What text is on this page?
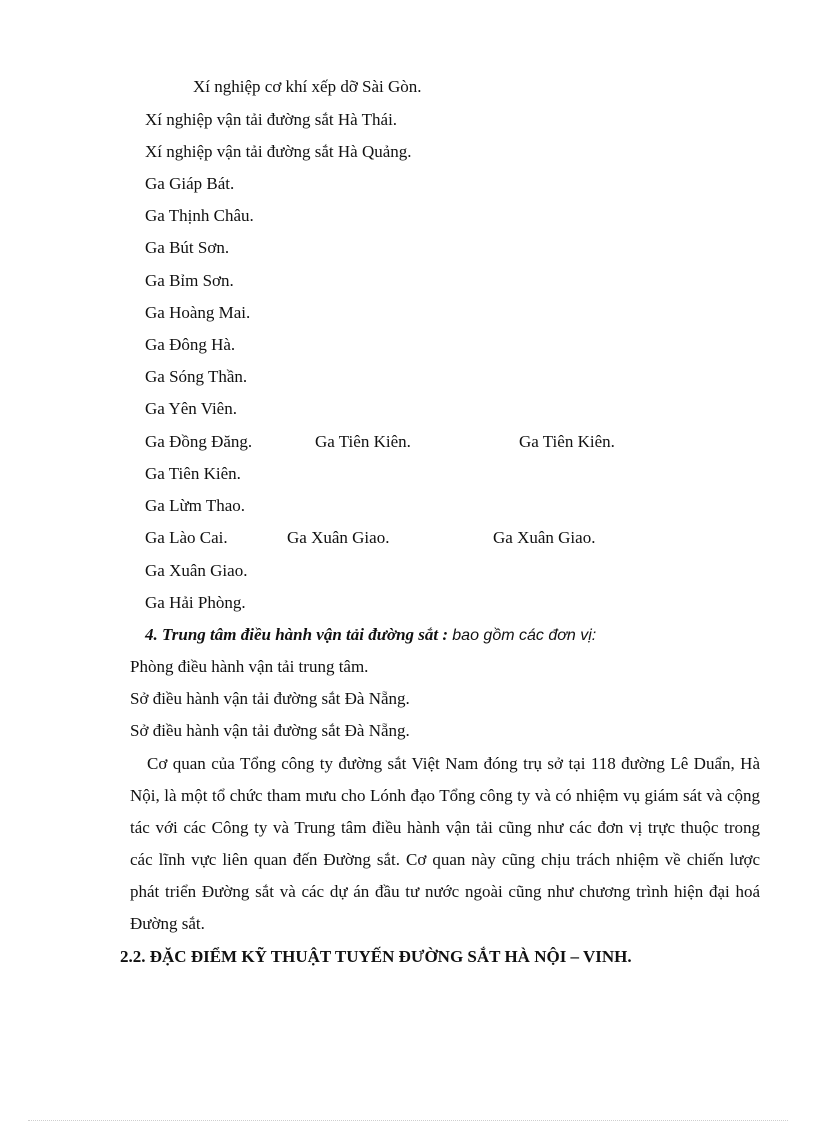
Xí nghiệp cơ khí xếp dỡ Sài Gòn.
Xí nghiệp vận tải đường sắt Hà Thái.
Xí nghiệp vận tải đường sắt Hà Quảng.
Ga Giáp Bát.
Ga Thịnh Châu.
Ga Bút Sơn.
Ga Bỉm Sơn.
Ga Hoàng Mai.
Ga Đông Hà.
Ga Sóng Thần.
Ga Yên Viên.
Ga Đồng Đăng.	Ga Tiên Kiên.	Ga Tiên Kiên.
Ga Tiên Kiên.
Ga Lừm Thao.
Ga Lào Cai.	Ga Xuân Giao.	Ga Xuân Giao.
Ga Xuân Giao.
Ga Hải Phòng.
4. Trung tâm điều hành vận tải đường sắt : bao gồm các đơn vị:
Phòng điều hành vận tải trung tâm.
Sở điều hành vận tải đường sắt Đà Nẵng.
Sở điều hành vận tải đường sắt Đà Nẵng.

Cơ quan của Tổng công ty đường sắt Việt Nam đóng trụ sở tại 118 đường Lê Duẩn, Hà Nội, là một tổ chức tham mưu cho Lónh đạo Tổng công ty và có nhiệm vụ giám sát và cộng tác với các Công ty và Trung tâm điều hành vận tải cũng như các đơn vị trực thuộc trong các lĩnh vực liên quan đến Đường sắt. Cơ quan này cũng chịu trách nhiệm về chiến lược phát triển Đường sắt và các dự án đầu tư nước ngoài cũng như chương trình hiện đại hoá Đường sắt.

2.2. ĐẶC ĐIỂM KỸ THUẬT TUYẾN ĐƯỜNG SẮT HÀ NỘI – VINH.
